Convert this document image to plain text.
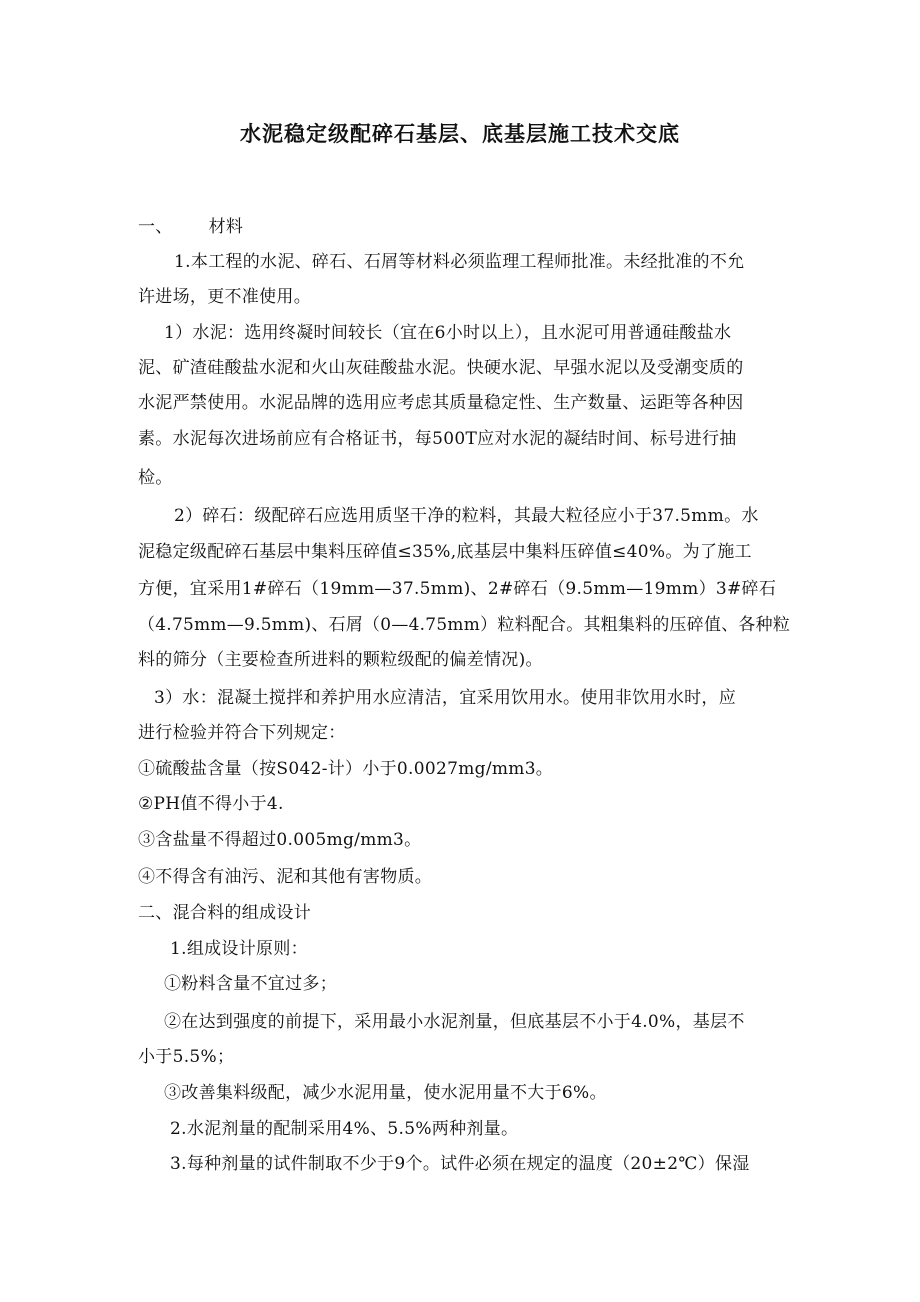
水泥稳定级配碎石基层、底基层施工技术交底
一、 材料
1.本工程的水泥、碎石、石屑等材料必须监理工程师批准。未经批准的不允
许进场，更不准使用。
1）水泥：选用终凝时间较长（宜在6小时以上），且水泥可用普通硅酸盐水
泥、矿渣硅酸盐水泥和火山灰硅酸盐水泥。快硬水泥、早强水泥以及受潮变质的
水泥严禁使用。水泥品牌的选用应考虑其质量稳定性、生产数量、运距等各种因
素。水泥每次进场前应有合格证书，每500T应对水泥的凝结时间、标号进行抽
检。
2）碎石：级配碎石应选用质坚干净的粒料，其最大粒径应小于37.5mm。水
泥稳定级配碎石基层中集料压碎值≤35%,底基层中集料压碎值≤40%。为了施工
方便，宜采用1#碎石（19mm—37.5mm)、2#碎石（9.5mm—19mm）3#碎石
（4.75mm—9.5mm)、石屑（0—4.75mm）粒料配合。其粗集料的压碎值、各种粒
料的筛分（主要检查所进料的颗粒级配的偏差情况)。
3）水：混凝土搅拌和养护用水应清洁，宜采用饮用水。使用非饮用水时，应
进行检验并符合下列规定：
①硫酸盐含量（按S042-计）小于0.0027mg/mm3。
②PH值不得小于4.
③含盐量不得超过0.005mg/mm3。
④不得含有油污、泥和其他有害物质。
二、混合料的组成设计
1.组成设计原则：
①粉料含量不宜过多；
②在达到强度的前提下，采用最小水泥剂量，但底基层不小于4.0%，基层不
小于5.5%；
③改善集料级配，减少水泥用量，使水泥用量不大于6%。
2.水泥剂量的配制采用4%、5.5%两种剂量。
3.每种剂量的试件制取不少于9个。试件必须在规定的温度（20±2℃）保湿
